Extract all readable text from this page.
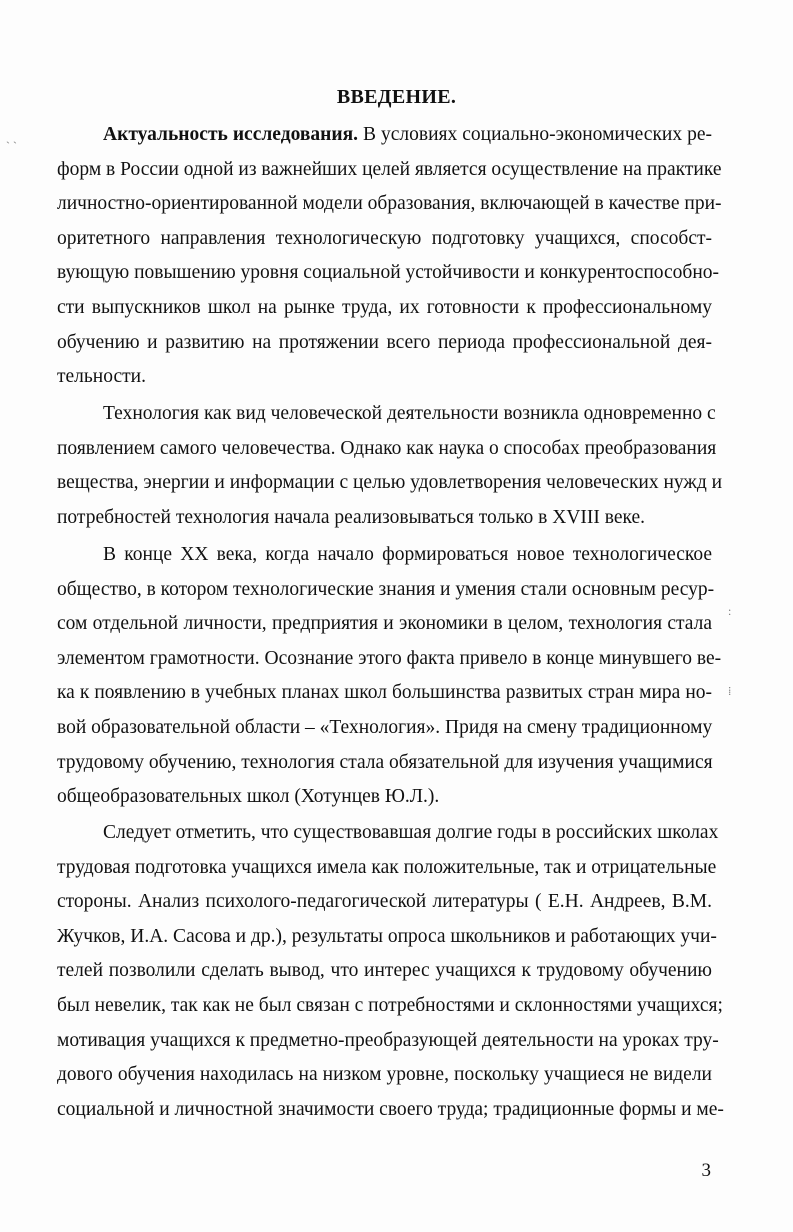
ВВЕДЕНИЕ.
Актуальность исследования. В условиях социально-экономических ре-
форм в России одной из важнейших целей является осуществление на практике
личностно-ориентированной модели образования, включающей в качестве при-
оритетного направления технологическую подготовку учащихся, способст-
вующую повышению уровня социальной устойчивости и конкурентоспособно-
сти выпускников школ на рынке труда, их готовности к профессиональному
обучению и развитию на протяжении всего периода профессиональной дея-
тельности.
Технология как вид человеческой деятельности возникла одновременно с
появлением самого человечества. Однако как наука о способах преобразования
вещества, энергии и информации с целью удовлетворения человеческих нужд и
потребностей технология начала реализовываться только в XVIII веке.
В конце XX века, когда начало формироваться новое технологическое
общество, в котором технологические знания и умения стали основным ресур-
сом отдельной личности, предприятия и экономики в целом, технология стала
элементом грамотности. Осознание этого факта привело в конце минувшего ве-
ка к появлению в учебных планах школ большинства развитых стран мира но-
вой образовательной области – «Технология». Придя на смену традиционному
трудовому обучению, технология стала обязательной для изучения учащимися
общеобразовательных школ (Хотунцев Ю.Л.).
Следует отметить, что существовавшая долгие годы в российских школах
трудовая подготовка учащихся имела как положительные, так и отрицательные
стороны. Анализ психолого-педагогической литературы ( Е.Н. Андреев, В.М.
Жучков, И.А. Сасова и др.), результаты опроса школьников и работающих учи-
телей позволили сделать вывод, что интерес учащихся к трудовому обучению
был невелик, так как не был связан с потребностями и склонностями учащихся;
мотивация учащихся к предметно-преобразующей деятельности на уроках тру-
дового обучения находилась на низком уровне, поскольку учащиеся не видели
социальной и личностной значимости своего труда; традиционные формы и ме-
3
ˎ ˏ
:
⁞
